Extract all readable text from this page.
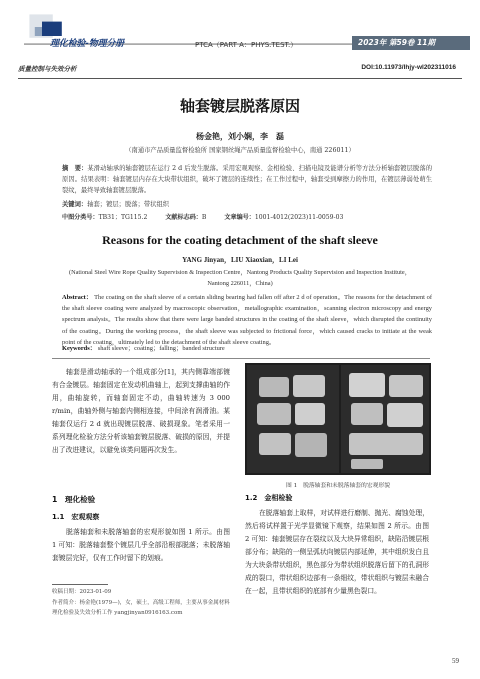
理化检验-物理分册	PTCA（PART A：PHYS.TEST.）	2023年 第59卷 11期
质量控制与失效分析	DOI:10.11973/lhjy-wl202311016
轴套镀层脱落原因
杨金艳，刘小娴，李　磊
（南通市产品质量监督检验所 国家钢丝绳产品质量监督检验中心，南通 226011）
摘　要：某滑动轴承的轴套镀层在运行 2 d 后发生脱落。采用宏观观察、金相检验、扫描电镜及能谱分析等方法分析轴套镀层脱落的原因。结果表明：轴套镀层内存在大块带状组织，破坏了镀层的连续性；在工作过程中，轴套受到摩擦力的作用，在镀层薄弱处萌生裂纹，最终导致轴套镀层脱落。
关键词：轴套；镀层；脱落；带状组织
中图分类号：TB31；TG115.2	文献标志码：B	文章编号：1001-4012(2023)11-0059-03
Reasons for the coating detachment of the shaft sleeve
YANG Jinyan，LIU Xiaoxian，LI Lei
(National Steel Wire Rope Quality Supervision & Inspection Centre，Nantong Products Quality Supervision and Inspection Institute，Nantong 226011，China)
Abstract： The coating on the shaft sleeve of a certain sliding bearing had fallen off after 2 d of operation。The reasons for the detachment of the shaft sleeve coating were analyzed by macroscopic observation，metallographic examination，scanning electron microscopy and energy spectrum analysis。The results show that there were large banded structures in the coating of the shaft sleeve，which disrupted the continuity of the coating。During the working process，the shaft sleeve was subjected to frictional force，which caused cracks to initiate at the weak point of the coating，ultimately led to the detachment of the shaft sleeve coating。
Keywords： shaft sleeve；coating；falling；banded structure
轴套是滑动轴承的一个组成部分[1]，其内侧靠端部镀有合金镀层。轴套固定在发动机曲轴上，起到支撑曲轴的作用，曲轴旋转，而轴套固定不动，曲轴转速为 3 000 r/min，曲轴外侧与轴套内侧相连接，中间涂有润滑油。某轴套仅运行 2 d 就出现镀层脱落、破损现象。笔者采用一系列理化检验方法分析该轴套镀层脱落、破损的原因，并提出了改进建议，以避免该类问题再次发生。
1　理化检验
1.1　宏观观察
脱落轴套和未脱落轴套的宏观形貌如图 1 所示。由图 1 可知：脱落轴套整个镀层几乎全部沿根部脱落；未脱落轴套镀层完好，仅有工作时留下的划痕。
收稿日期：2023-01-09
作者简介：杨金艳(1979—)，女，硕士，高级工程师，主要从事金属材料理化检验及失效分析工作 yangjinyan0916163.com
图 1　脱落轴套和未脱落轴套的宏观形貌
1.2　金相检验
在脱落轴套上取样，对试样进行磨制、抛光、腐蚀处理，然后将试样置于光学显微镜下观察，结果如图 2 所示。由图 2 可知：轴套镀层存在裂纹以及大块异常组织，缺陷沿镀层根部分布；缺陷的一侧呈弧状向镀层内部延伸，其中组织发白且为大块条带状组织，黑色部分为带状组织脱落后留下的孔洞形成的裂口，带状组织边部有一条细纹，带状组织与镀层未融合在一起，且带状组织的底部有少量黑色裂口。
59
